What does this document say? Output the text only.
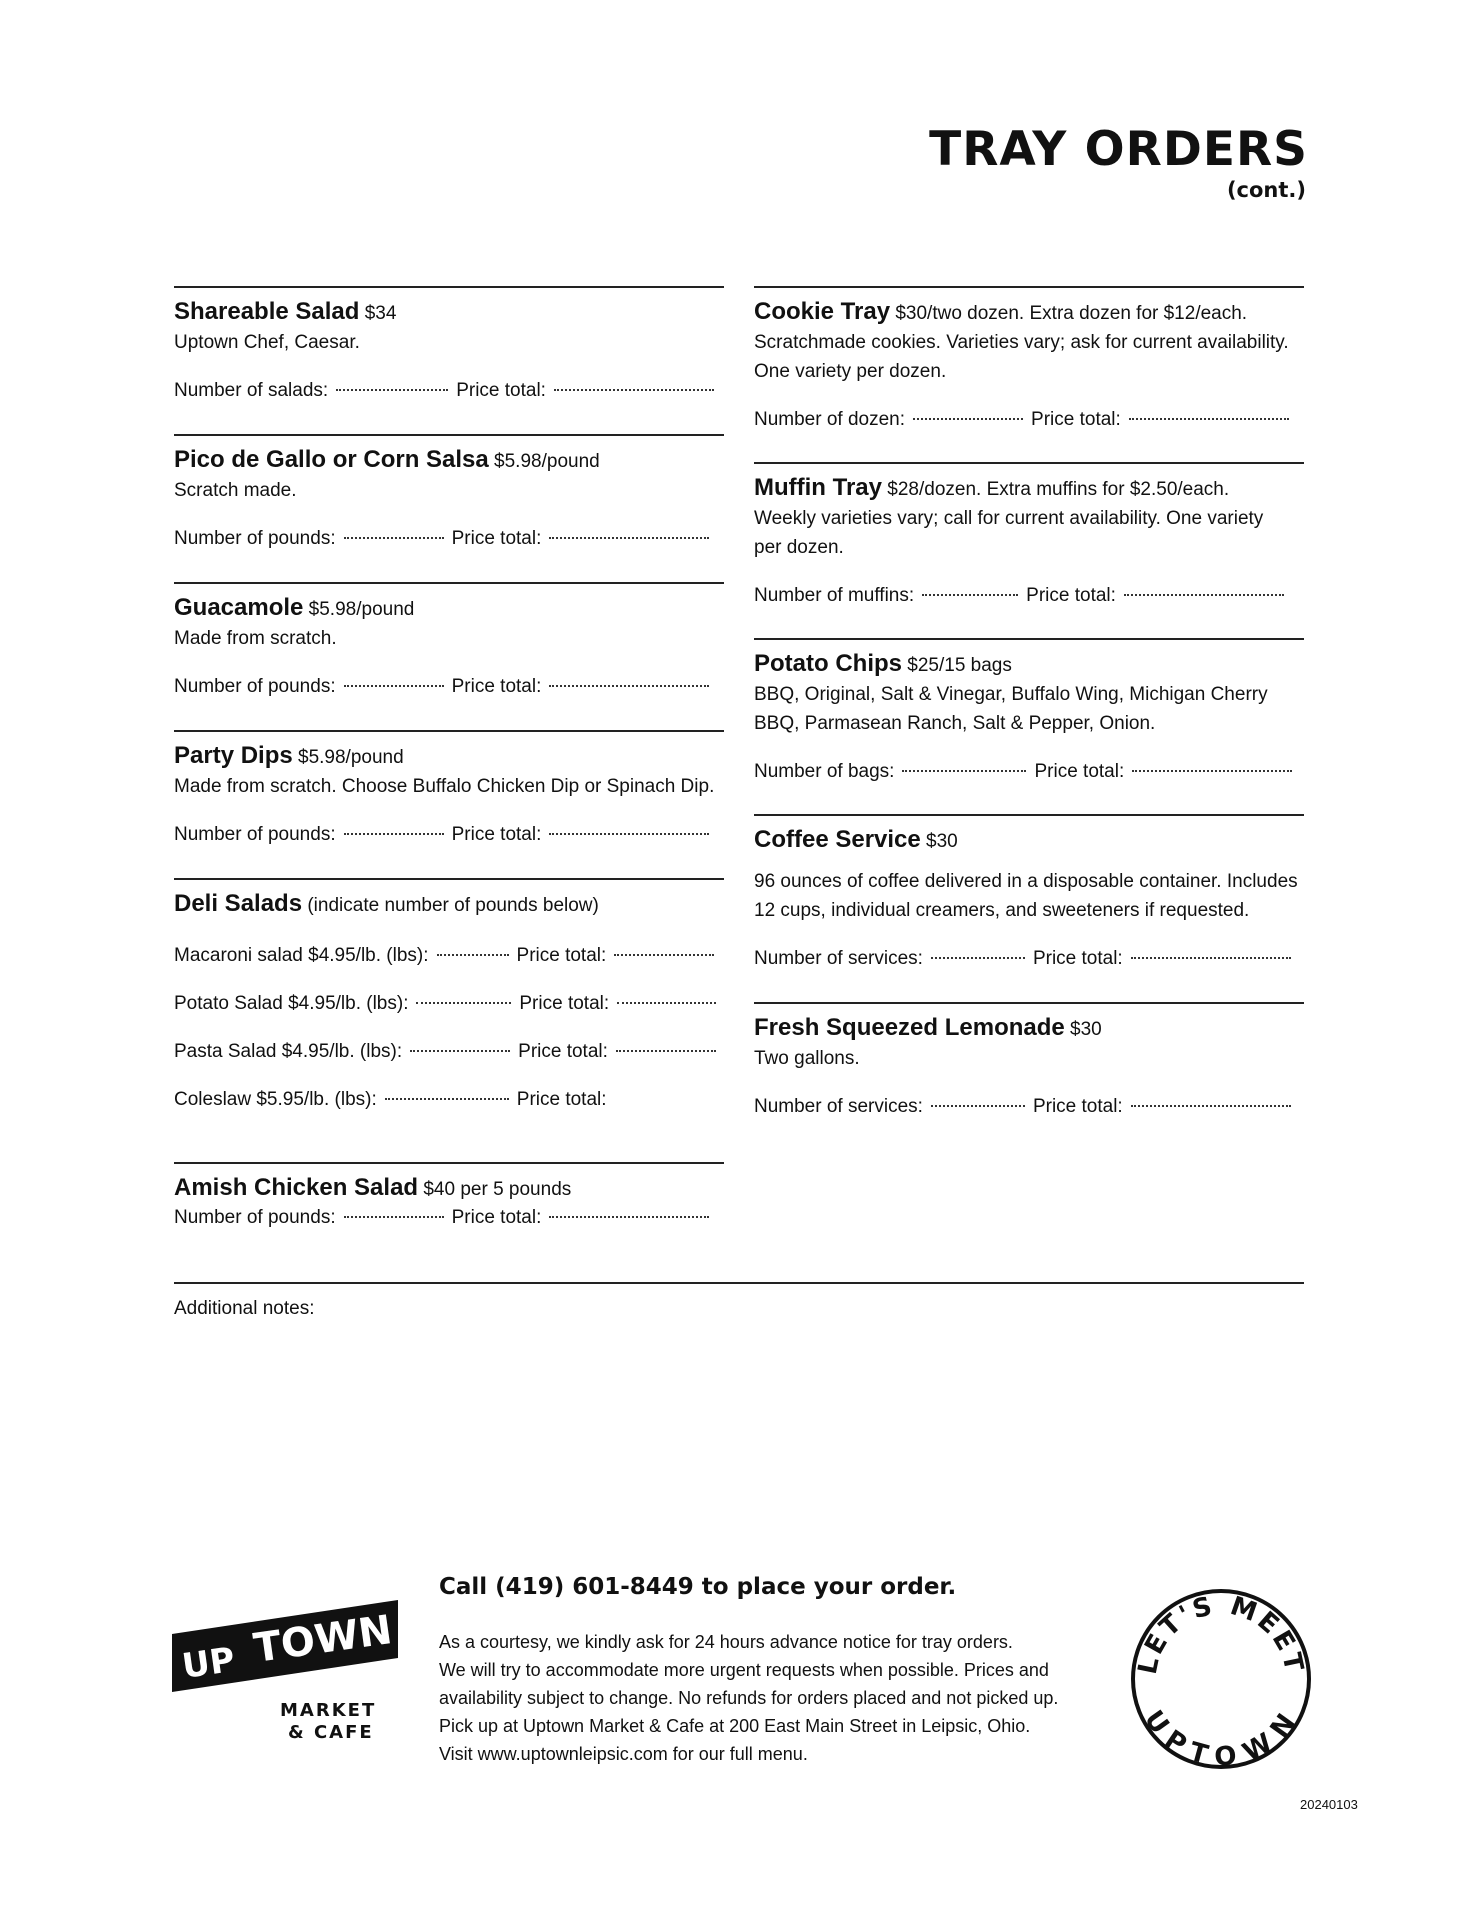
TRAY ORDERS
(cont.)
Shareable Salad $34
Uptown Chef, Caesar.
Number of salads:	Price total:
Pico de Gallo or Corn Salsa $5.98/pound
Scratch made.
Number of pounds:	Price total:
Guacamole $5.98/pound
Made from scratch.
Number of pounds:	Price total:
Party Dips $5.98/pound
Made from scratch. Choose Buffalo Chicken Dip or Spinach Dip.
Number of pounds:	Price total:
Deli Salads (indicate number of pounds below)
Macaroni salad $4.95/lb. (lbs):	Price total:
Potato Salad $4.95/lb. (lbs):	Price total:
Pasta Salad $4.95/lb. (lbs):	Price total:
Coleslaw $5.95/lb. (lbs):	Price total:
Amish Chicken Salad $40 per 5 pounds
Number of pounds:	Price total:
Cookie Tray $30/two dozen. Extra dozen for $12/each.
Scratchmade cookies. Varieties vary; ask for current availability.
One variety per dozen.
Number of dozen:	Price total:
Muffin Tray $28/dozen. Extra muffins for $2.50/each.
Weekly varieties vary; call for current availability. One variety
per dozen.
Number of muffins:	Price total:
Potato Chips $25/15 bags
BBQ, Original, Salt & Vinegar, Buffalo Wing, Michigan Cherry
BBQ, Parmasean Ranch, Salt & Pepper, Onion.
Number of bags:	Price total:
Coffee Service $30
96 ounces of coffee delivered in a disposable container. Includes
12 cups, individual creamers, and sweeteners if requested.
Number of services:	Price total:
Fresh Squeezed Lemonade $30
Two gallons.
Number of services:	Price total:
Additional notes:
UP TOWN
MARKET
& CAFE
Call (419) 601-8449 to place your order.
As a courtesy, we kindly ask for 24 hours advance notice for tray orders.
We will try to accommodate more urgent requests when possible. Prices and
availability subject to change. No refunds for orders placed and not picked up.
Pick up at Uptown Market & Cafe at 200 East Main Street in Leipsic, Ohio.
Visit www.uptownleipsic.com for our full menu.
LET'S MEET
UPTOWN
20240103
